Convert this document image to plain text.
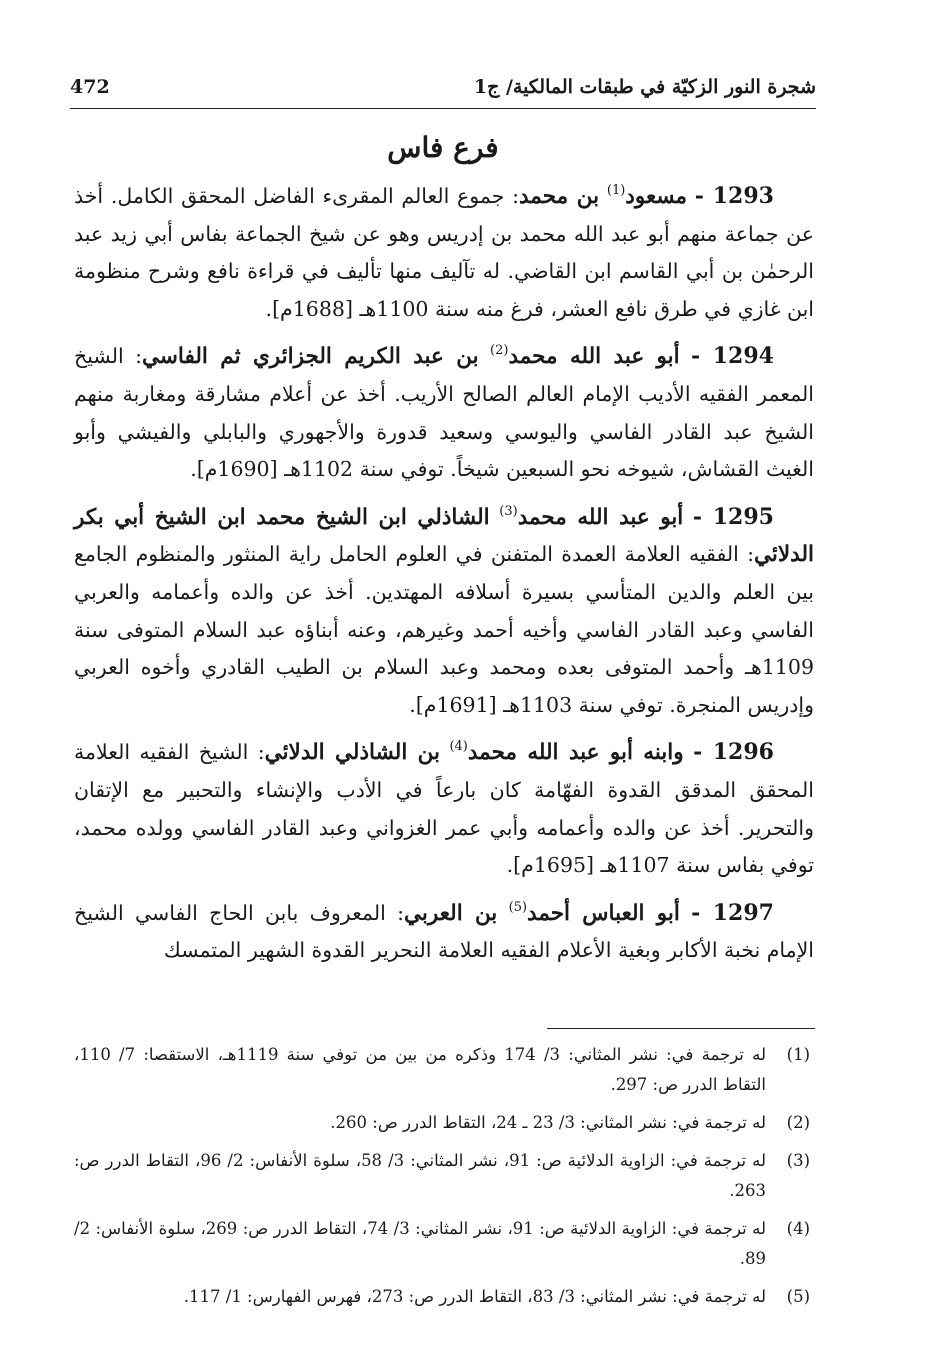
شجرة النور الزكيّة في طبقات المالكية/ ج1
472
فرع فاس

1293 - مسعود$^{(1)}$ بن محمد: جموع العالم المقرىء الفاضل المحقق الكامل. أخذ عن جماعة منهم أبو عبد الله محمد بن إدريس وهو عن شيخ الجماعة بفاس أبي زيد عبد الرحمٰن بن أبي القاسم ابن القاضي. له تآليف منها تأليف في قراءة نافع وشرح منظومة ابن غازي في طرق نافع العشر، فرغ منه سنة 1100هـ [1688م].

1294 - أبو عبد الله محمد$^{(2)}$ بن عبد الكريم الجزائري ثم الفاسي: الشيخ المعمر الفقيه الأديب الإمام العالم الصالح الأريب. أخذ عن أعلام مشارقة ومغاربة منهم الشيخ عبد القادر الفاسي واليوسي وسعيد قدورة والأجهوري والبابلي والفيشي وأبو الغيث القشاش، شيوخه نحو السبعين شيخاً. توفي سنة 1102هـ [1690م].

1295 - أبو عبد الله محمد$^{(3)}$ الشاذلي ابن الشيخ محمد ابن الشيخ أبي بكر الدلائي: الفقيه العلامة العمدة المتفنن في العلوم الحامل راية المنثور والمنظوم الجامع بين العلم والدين المتأسي بسيرة أسلافه المهتدين. أخذ عن والده وأعمامه والعربي الفاسي وعبد القادر الفاسي وأخيه أحمد وغيرهم، وعنه أبناؤه عبد السلام المتوفى سنة 1109هـ وأحمد المتوفى بعده ومحمد وعبد السلام بن الطيب القادري وأخوه العربي وإدريس المنجرة. توفي سنة 1103هـ [1691م].

1296 - وابنه أبو عبد الله محمد$^{(4)}$ بن الشاذلي الدلائي: الشيخ الفقيه العلامة المحقق المدقق القدوة الفهّامة كان بارعاً في الأدب والإنشاء والتحبير مع الإتقان والتحرير. أخذ عن والده وأعمامه وأبي عمر الغزواني وعبد القادر الفاسي وولده محمد، توفي بفاس سنة 1107هـ [1695م].

1297 - أبو العباس أحمد$^{(5)}$ بن العربي: المعروف بابن الحاج الفاسي الشيخ الإمام نخبة الأكابر وبغية الأعلام الفقيه العلامة النحرير القدوة الشهير المتمسك

(1)
له ترجمة في: نشر المثاني: 3/ 174 وذكره من بين من توفي سنة 1119هـ، الاستقصا: 7/ 110، التقاط الدرر ص: 297.
(2)
له ترجمة في: نشر المثاني: 3/ 23 ـ 24، التقاط الدرر ص: 260.
(3)
له ترجمة في: الزاوية الدلائية ص: 91، نشر المثاني: 3/ 58، سلوة الأنفاس: 2/ 96، التقاط الدرر ص: 263.
(4)
له ترجمة في: الزاوية الدلائية ص: 91، نشر المثاني: 3/ 74، التقاط الدرر ص: 269، سلوة الأنفاس: 2/ 89.
(5)
له ترجمة في: نشر المثاني: 3/ 83، التقاط الدرر ص: 273، فهرس الفهارس: 1/ 117.
